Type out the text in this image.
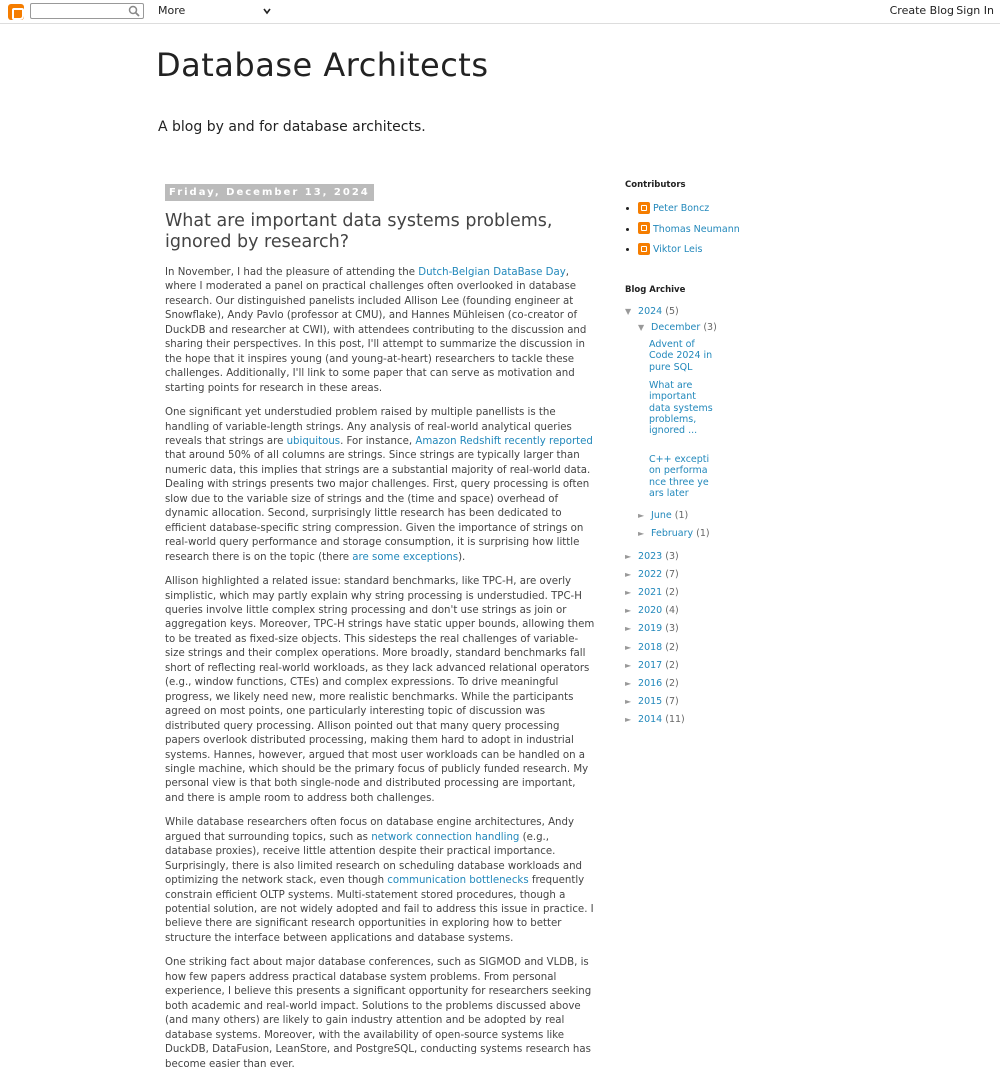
More	Create Blog Sign In
Database Architects
A blog by and for database architects.
Friday, December 13, 2024
What are important data systems problems, ignored by research?

In November, I had the pleasure of attending the Dutch-Belgian DataBase Day, where I moderated a panel on practical challenges often overlooked in database research. Our distinguished panelists included Allison Lee (founding engineer at Snowflake), Andy Pavlo (professor at CMU), and Hannes Mühleisen (co-creator of DuckDB and researcher at CWI), with attendees contributing to the discussion and sharing their perspectives. In this post, I'll attempt to summarize the discussion in the hope that it inspires young (and young-at-heart) researchers to tackle these challenges. Additionally, I'll link to some paper that can serve as motivation and starting points for research in these areas.

One significant yet understudied problem raised by multiple panellists is the handling of variable-length strings. Any analysis of real-world analytical queries reveals that strings are ubiquitous. For instance, Amazon Redshift recently reported that around 50% of all columns are strings. Since strings are typically larger than numeric data, this implies that strings are a substantial majority of real-world data. Dealing with strings presents two major challenges. First, query processing is often slow due to the variable size of strings and the (time and space) overhead of dynamic allocation. Second, surprisingly little research has been dedicated to efficient database-specific string compression. Given the importance of strings on real-world query performance and storage consumption, it is surprising how little research there is on the topic (there are some exceptions).

Allison highlighted a related issue: standard benchmarks, like TPC-H, are overly simplistic, which may partly explain why string processing is understudied. TPC-H queries involve little complex string processing and don't use strings as join or aggregation keys. Moreover, TPC-H strings have static upper bounds, allowing them to be treated as fixed-size objects. This sidesteps the real challenges of variable-size strings and their complex operations. More broadly, standard benchmarks fall short of reflecting real-world workloads, as they lack advanced relational operators (e.g., window functions, CTEs) and complex expressions. To drive meaningful progress, we likely need new, more realistic benchmarks. While the participants agreed on most points, one particularly interesting topic of discussion was distributed query processing. Allison pointed out that many query processing papers overlook distributed processing, making them hard to adopt in industrial systems. Hannes, however, argued that most user workloads can be handled on a single machine, which should be the primary focus of publicly funded research. My personal view is that both single-node and distributed processing are important, and there is ample room to address both challenges.

While database researchers often focus on database engine architectures, Andy argued that surrounding topics, such as network connection handling (e.g., database proxies), receive little attention despite their practical importance. Surprisingly, there is also limited research on scheduling database workloads and optimizing the network stack, even though communication bottlenecks frequently constrain efficient OLTP systems. Multi-statement stored procedures, though a potential solution, are not widely adopted and fail to address this issue in practice. I believe there are significant research opportunities in exploring how to better structure the interface between applications and database systems.

One striking fact about major database conferences, such as SIGMOD and VLDB, is how few papers address practical database system problems. From personal experience, I believe this presents a significant opportunity for researchers seeking both academic and real-world impact. Solutions to the problems discussed above (and many others) are likely to gain industry attention and be adopted by real database systems. Moreover, with the availability of open-source systems like DuckDB, DataFusion, LeanStore, and PostgreSQL, conducting systems research has become easier than ever.

Contributors
• Peter Boncz
• Thomas Neumann
• Viktor Leis
Blog Archive
▼ 2024 (5)
▼ December (3)
Advent of Code 2024 in pure SQL
What are important data systems problems, ignored ...
C++ exception performance three years later
► June (1)
► February (1)
► 2023 (3)
► 2022 (7)
► 2021 (2)
► 2020 (4)
► 2019 (3)
► 2018 (2)
► 2017 (2)
► 2016 (2)
► 2015 (7)
► 2014 (11)
